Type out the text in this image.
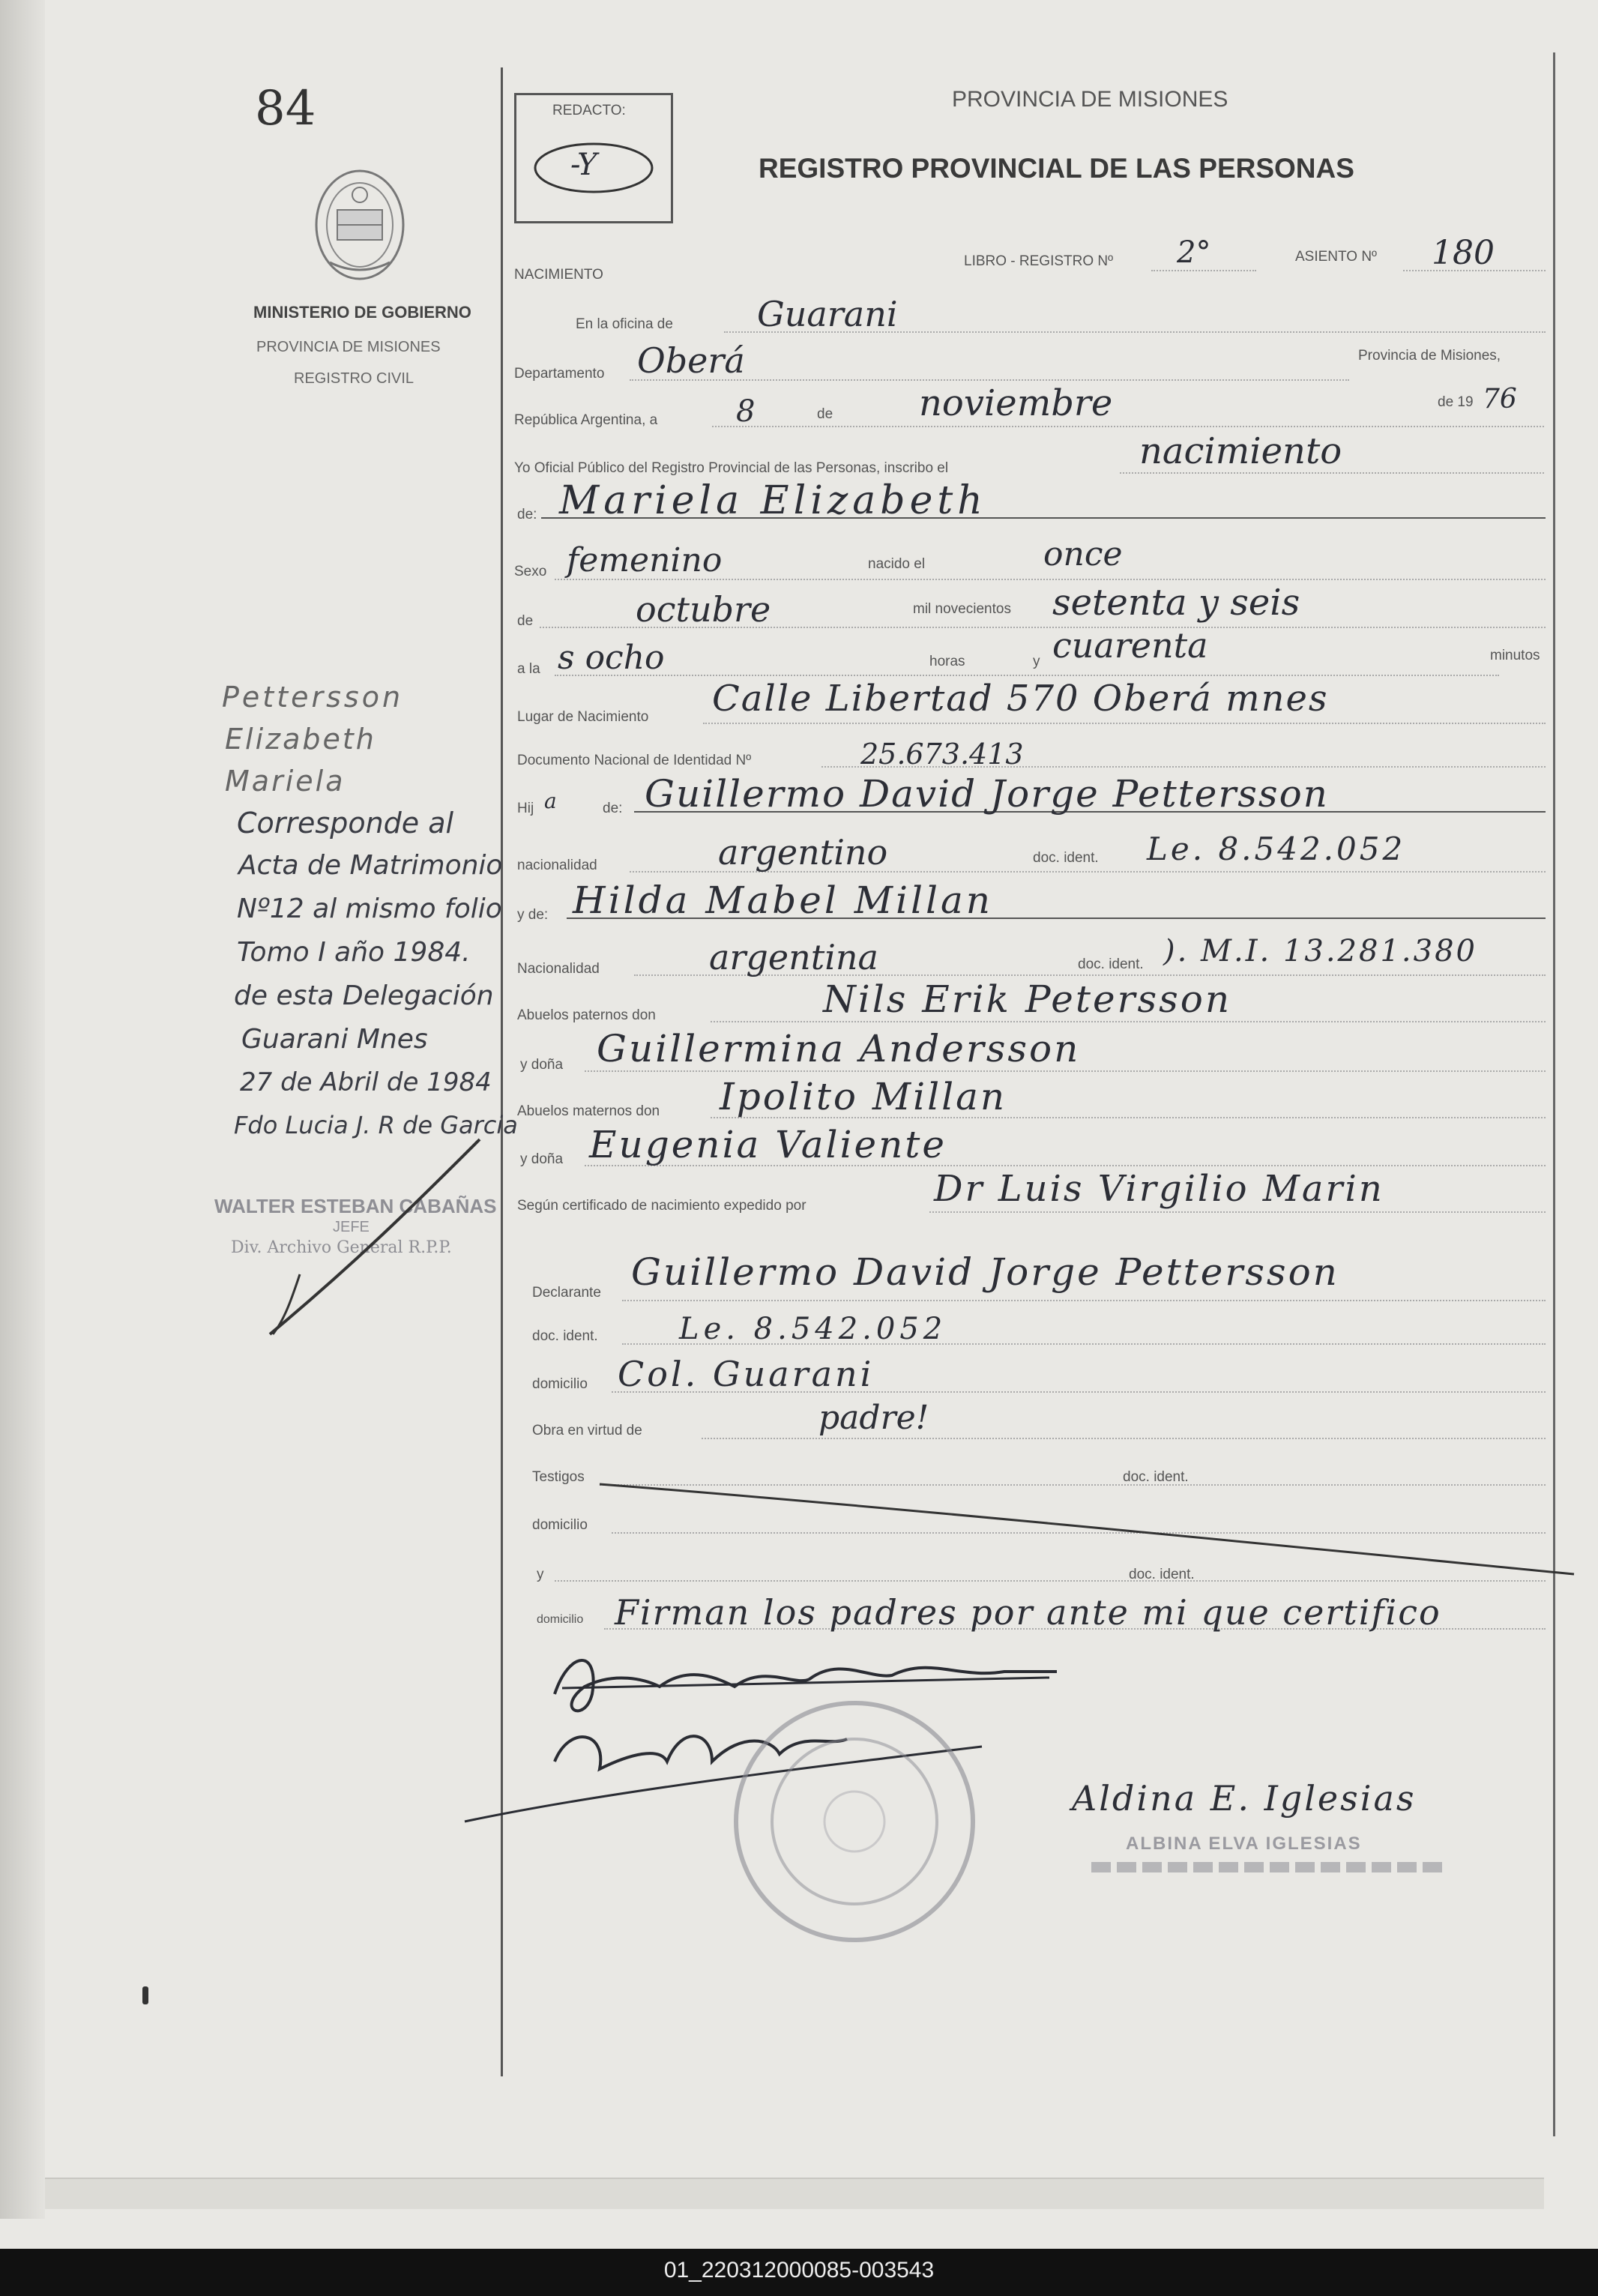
84
MINISTERIO DE GOBIERNO
PROVINCIA DE MISIONES
REGISTRO CIVIL
REDACTO:
-Y
PROVINCIA DE MISIONES
REGISTRO PROVINCIAL DE LAS PERSONAS
LIBRO - REGISTRO Nº 2°	ASIENTO Nº 180
NACIMIENTO
En la oficina de Guarani
Departamento Oberá	Provincia de Misiones,
República Argentina, a	8	de noviembre	de 19 76
Yo Oficial Público del Registro Provincial de las Personas, inscribo el	nacimiento
de: Mariela Elizabeth
Sexo femenino	nacido el	once
de	octubre	mil novecientos setenta y seis
a la s ocho	horas	y cuarenta	minutos
Lugar de Nacimiento Calle Libertad 570 Oberá mnes
Documento Nacional de Identidad Nº	25.673.413
Hij a	de: Guillermo David Jorge Pettersson
nacionalidad	argentino	doc. ident. Le. 8.542.052
y de: Hilda Mabel Millan
Nacionalidad	argentina	doc. ident. ). M.I. 13.281.380
Abuelos paternos don	Nils Erik Petersson
y doña Guillermina Andersson
Abuelos maternos don Ipolito Millan
y doña Eugenia Valiente
Según certificado de nacimiento expedido por	Dr Luis Virgilio Marin
Declarante Guillermo David Jorge Pettersson
doc. ident.	Le. 8.542.052
domicilio Col. Guarani
Obra en virtud de	padre!
Testigos	doc. ident.
domicilio
y	doc. ident.
domicilio Firman los padres por ante mi que certifico
Aldina E. Iglesias
ALBINA ELVA IGLESIAS
Pettersson
Elizabeth
Mariela
Corresponde al
Acta de Matrimonio
Nº12 al mismo folio
Tomo I año 1984.
de esta Delegación
Guarani Mnes
27 de Abril de 1984
Fdo Lucia J. R de Garcia
WALTER ESTEBAN CABAÑAS
JEFE
Div. Archivo General R.P.P.
01_220312000085-003543
